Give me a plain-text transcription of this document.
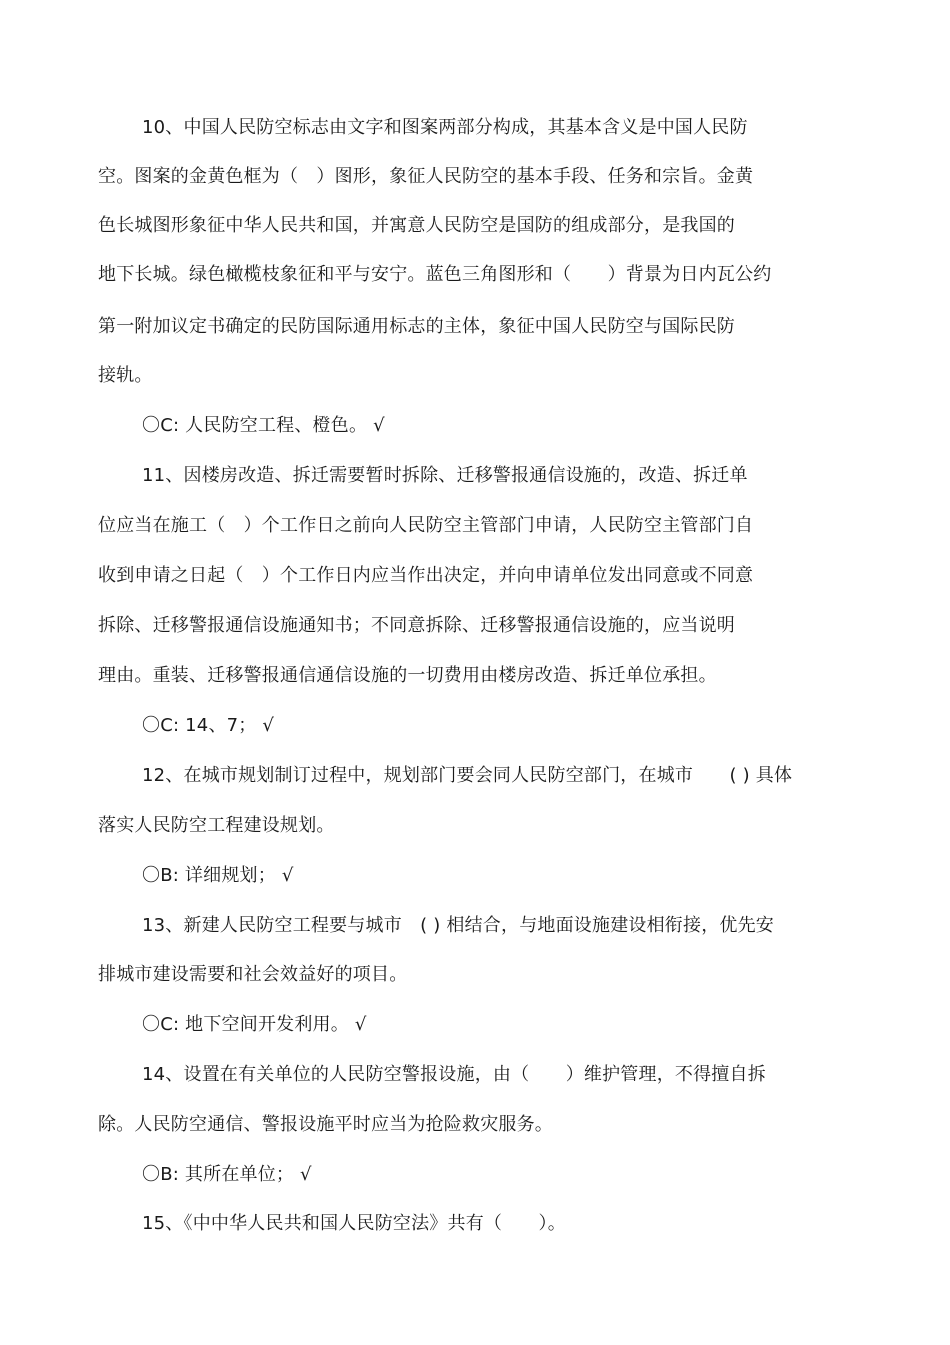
10、中国人民防空标志由文字和图案两部分构成，其基本含义是中国人民防
空。图案的金黄色框为（　）图形，象征人民防空的基本手段、任务和宗旨。金黄
色长城图形象征中华人民共和国，并寓意人民防空是国防的组成部分，是我国的
地下长城。绿色橄榄枝象征和平与安宁。蓝色三角图形和（　　）背景为日内瓦公约
第一附加议定书确定的民防国际通用标志的主体，象征中国人民防空与国际民防
接轨。
〇C: 人民防空工程、橙色。 √
11、因楼房改造、拆迁需要暂时拆除、迁移警报通信设施的，改造、拆迁单
位应当在施工（　）个工作日之前向人民防空主管部门申请，人民防空主管部门自
收到申请之日起（　）个工作日内应当作出决定，并向申请单位发出同意或不同意
拆除、迁移警报通信设施通知书；不同意拆除、迁移警报通信设施的，应当说明
理由。重装、迁移警报通信通信设施的一切费用由楼房改造、拆迁单位承担。
〇C: 14、7； √
12、在城市规划制订过程中，规划部门要会同人民防空部门，在城市　　( ) 具体
落实人民防空工程建设规划。
〇B: 详细规划； √
13、新建人民防空工程要与城市　( ) 相结合，与地面设施建设相衔接，优先安
排城市建设需要和社会效益好的项目。
〇C: 地下空间开发利用。 √
14、设置在有关单位的人民防空警报设施，由（　　）维护管理，不得擅自拆
除。人民防空通信、警报设施平时应当为抢险救灾服务。
〇B: 其所在单位； √
15、《中中华人民共和国人民防空法》共有（　　）。
